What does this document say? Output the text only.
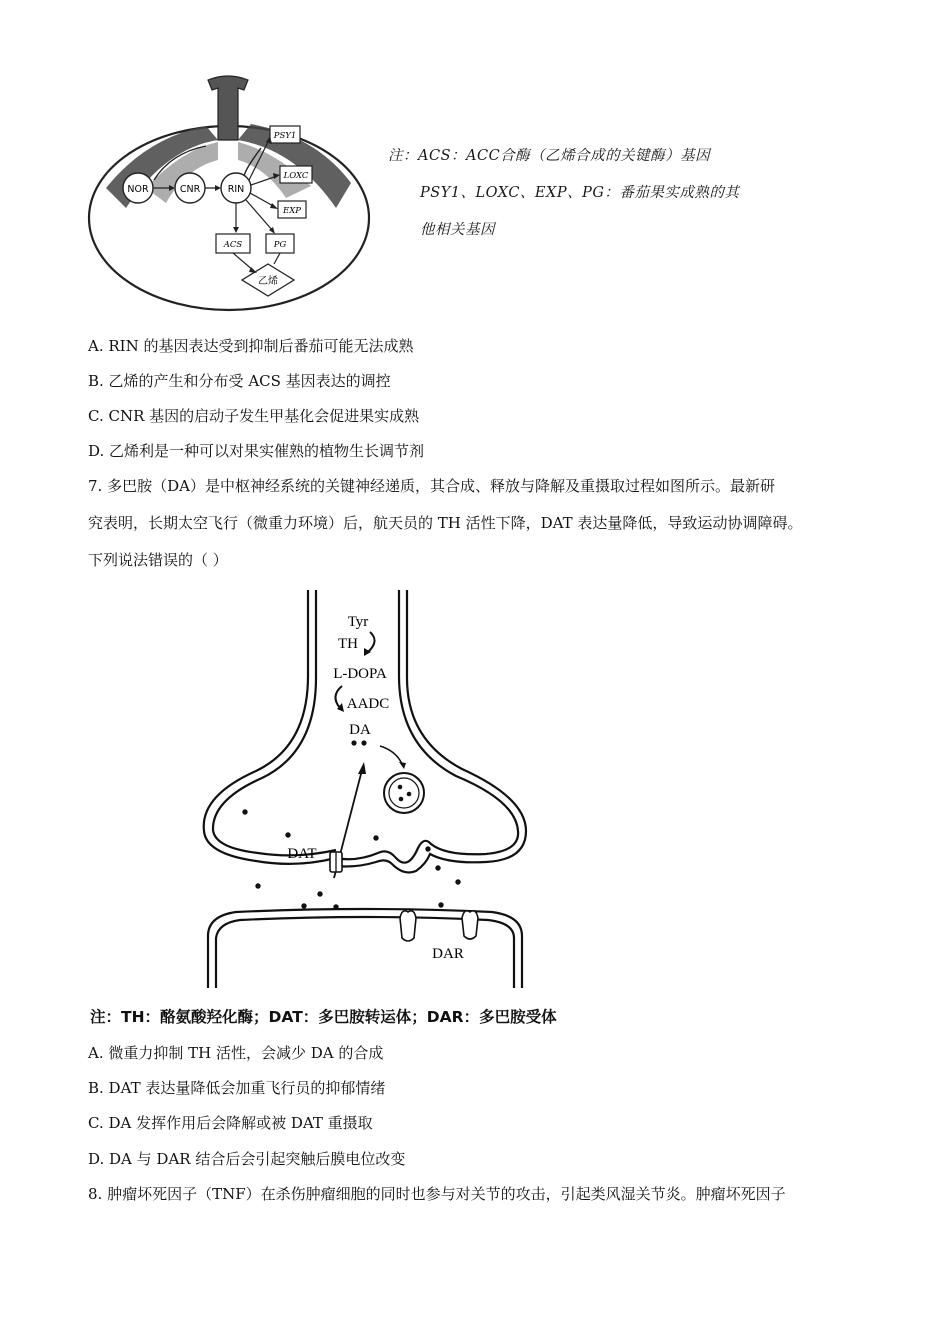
NOR	CNR	RIN
PSY1
LOXC
EXP
ACS	PG
乙烯
注：ACS：ACC合酶（乙烯合成的关键酶）基因
PSY1、LOXC、EXP、PG：番茄果实成熟的其
他相关基因
A. RIN 的基因表达受到抑制后番茄可能无法成熟
B. 乙烯的产生和分布受 ACS 基因表达的调控
C. CNR 基因的启动子发生甲基化会促进果实成熟
D. 乙烯利是一种可以对果实催熟的植物生长调节剂
7. 多巴胺（DA）是中枢神经系统的关键神经递质，其合成、释放与降解及重摄取过程如图所示。最新研
究表明，长期太空飞行（微重力环境）后，航天员的 TH 活性下降，DAT 表达量降低，导致运动协调障碍。
下列说法错误的（ ）
Tyr
TH
L-DOPA
AADC
DA
DAT
DAR
注：TH：酪氨酸羟化酶；DAT：多巴胺转运体；DAR：多巴胺受体
A. 微重力抑制 TH 活性，会减少 DA 的合成
B. DAT 表达量降低会加重飞行员的抑郁情绪
C. DA 发挥作用后会降解或被 DAT 重摄取
D. DA 与 DAR 结合后会引起突触后膜电位改变
8. 肿瘤坏死因子（TNF）在杀伤肿瘤细胞的同时也参与对关节的攻击，引起类风湿关节炎。肿瘤坏死因子
